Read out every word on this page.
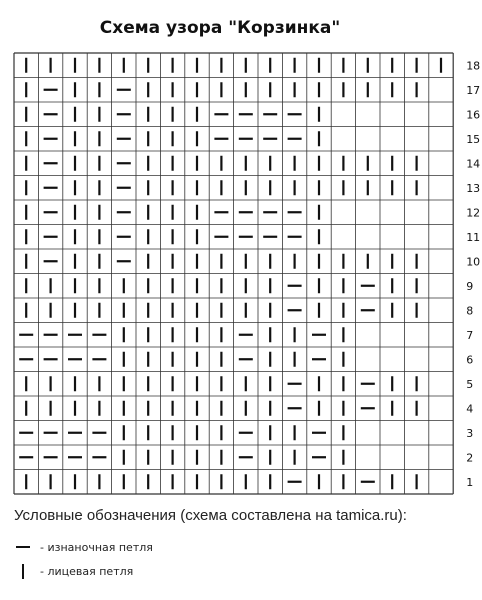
Схема узора "Корзинка"
18
17
16
15
14
13
12
11
10
9
8
7
6
5
4
3
2
1
Условные обозначения (схема составлена на tamica.ru):
- изнаночная петля
- лицевая петля
